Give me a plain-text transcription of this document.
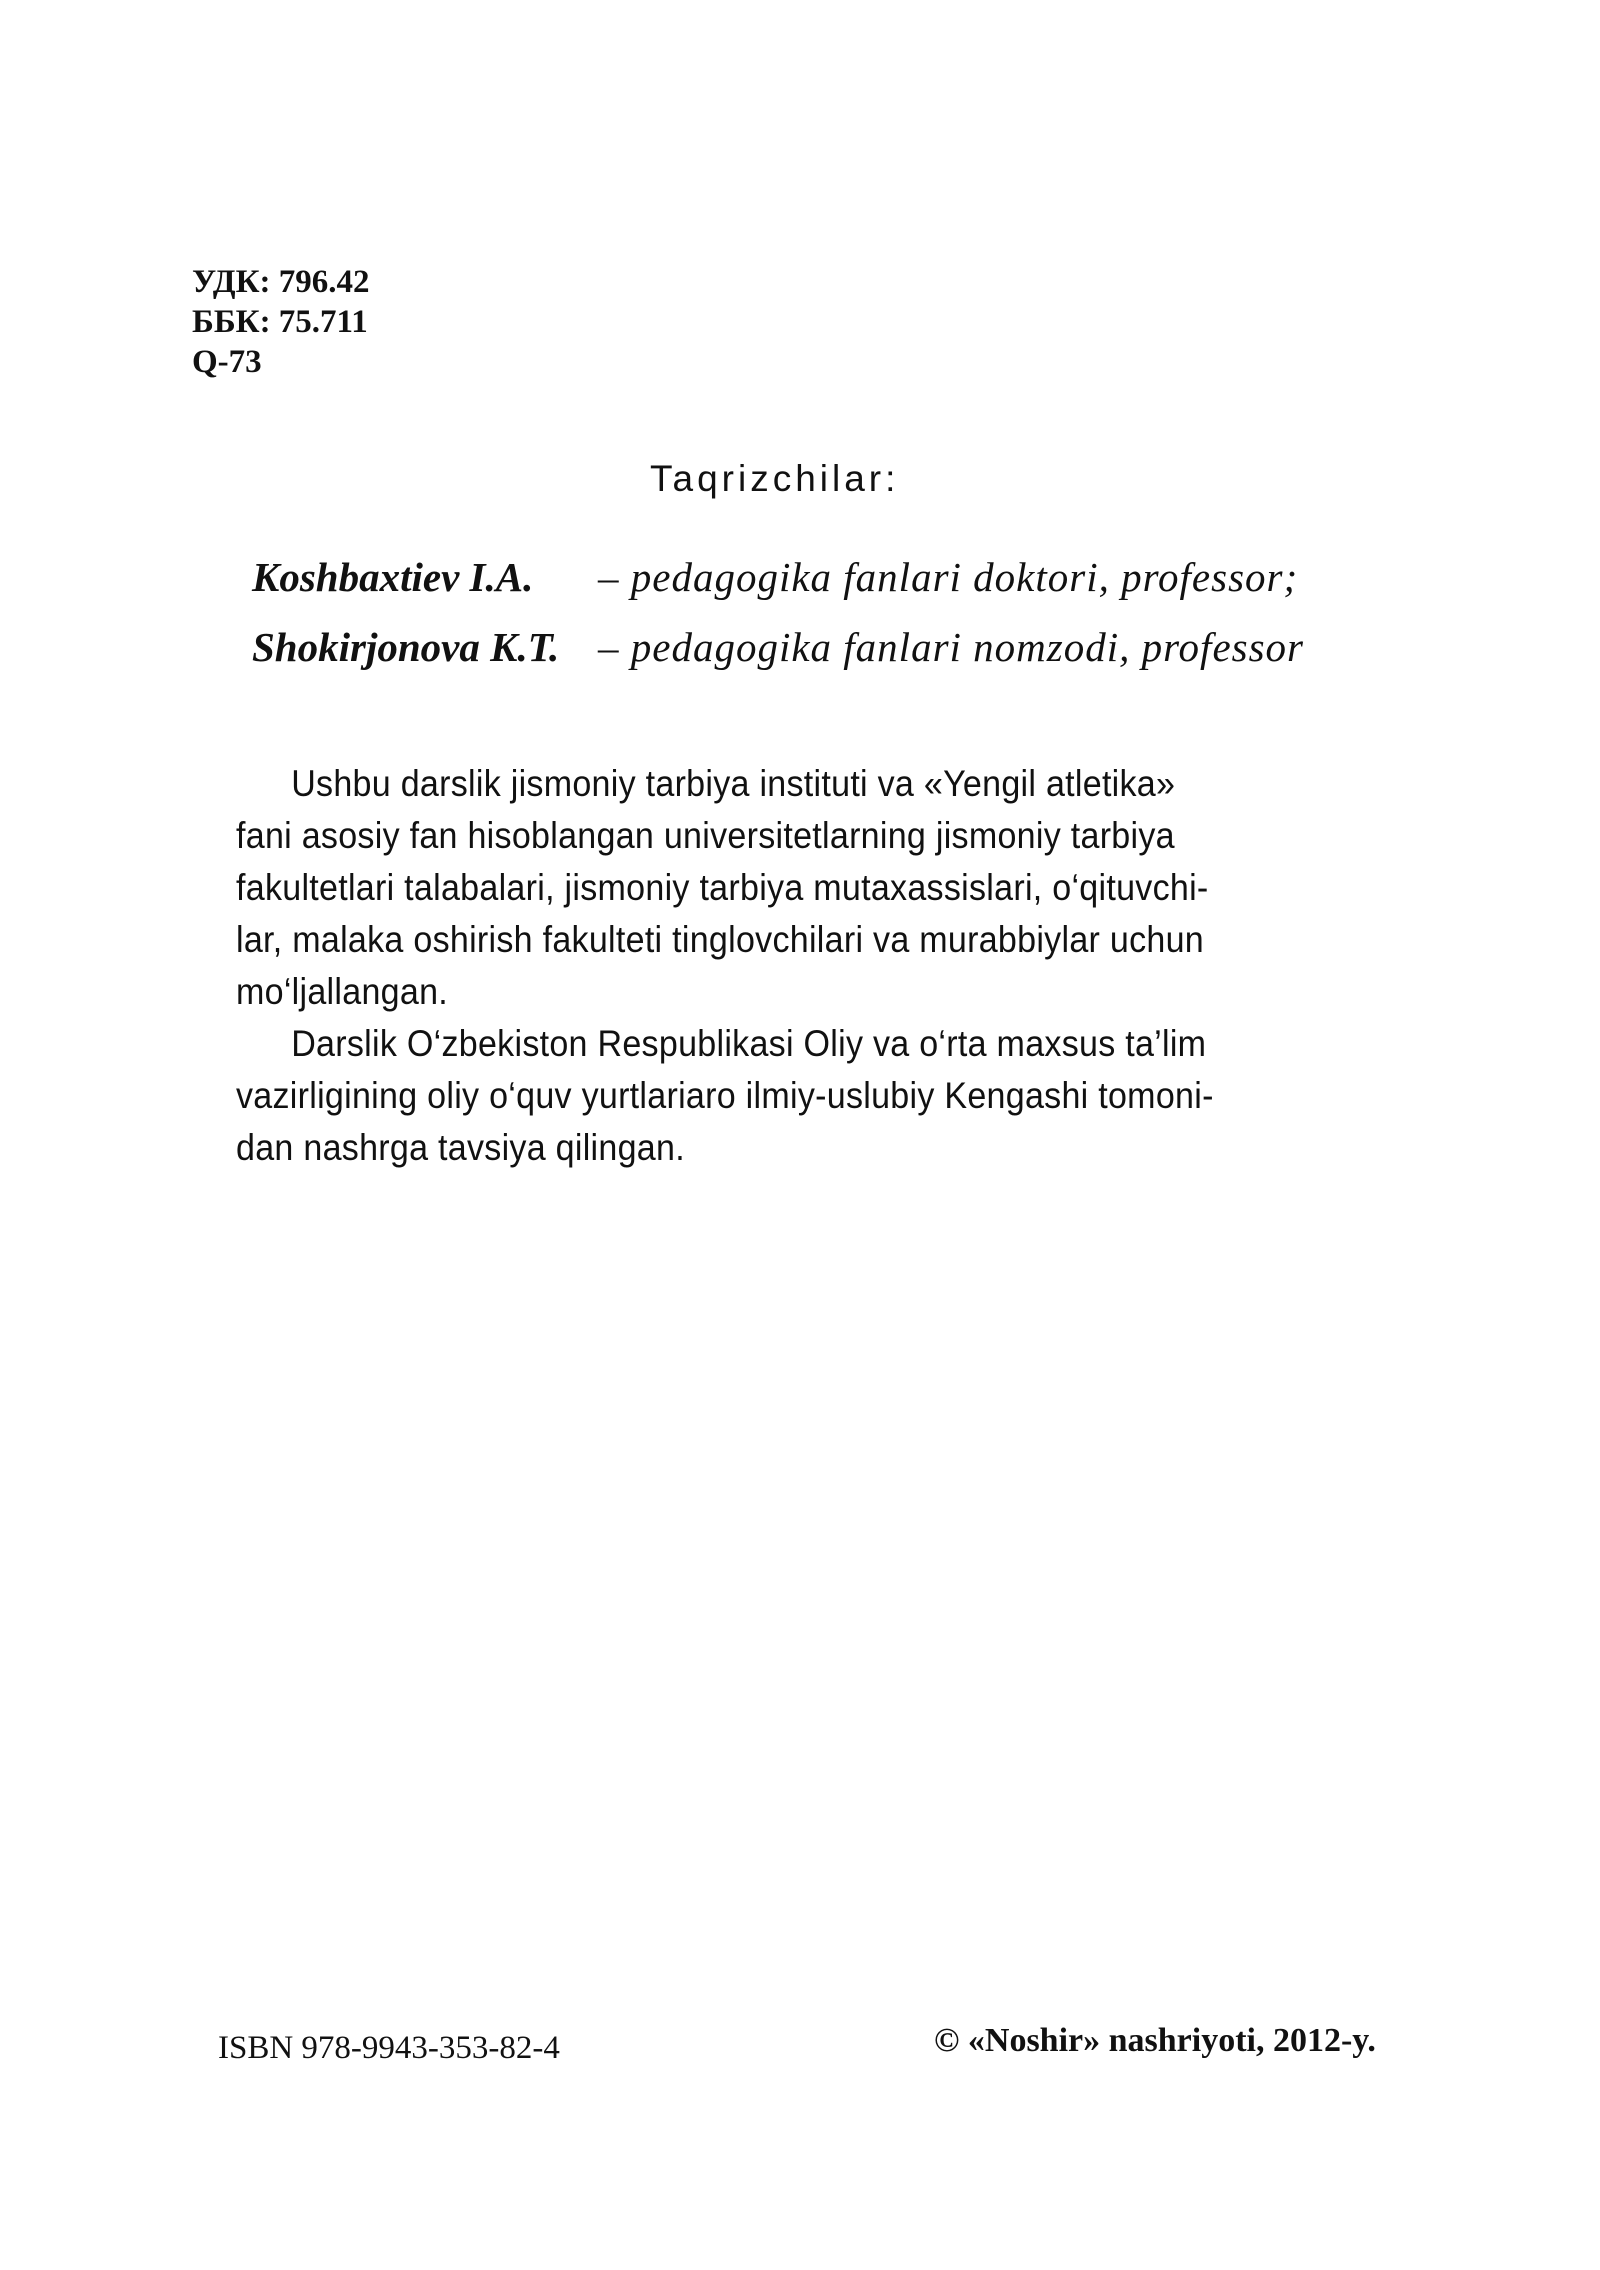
УДК: 796.42
ББК: 75.711
Q-73
Taqrizchilar:
Koshbaxtiev I.A. – pedagogika fanlari doktori, professor;
Shokirjonova K.T. – pedagogika fanlari nomzodi, professor

Ushbu darslik jismoniy tarbiya instituti va «Yengil atletika»
fani asosiy fan hisoblangan universitetlarning jismoniy tarbiya
fakultetlari talabalari, jismoniy tarbiya mutaxassislari, o‘qituvchi-
lar, malaka oshirish fakulteti tinglovchilari va murabbiylar uchun
mo‘ljallangan.

Darslik O‘zbekiston Respublikasi Oliy va o‘rta maxsus ta’lim
vazirligining oliy o‘quv yurtlariaro ilmiy-uslubiy Kengashi tomoni-
dan nashrga tavsiya qilingan.

ISBN 978-9943-353-82-4	© «Noshir» nashriyoti, 2012-y.
